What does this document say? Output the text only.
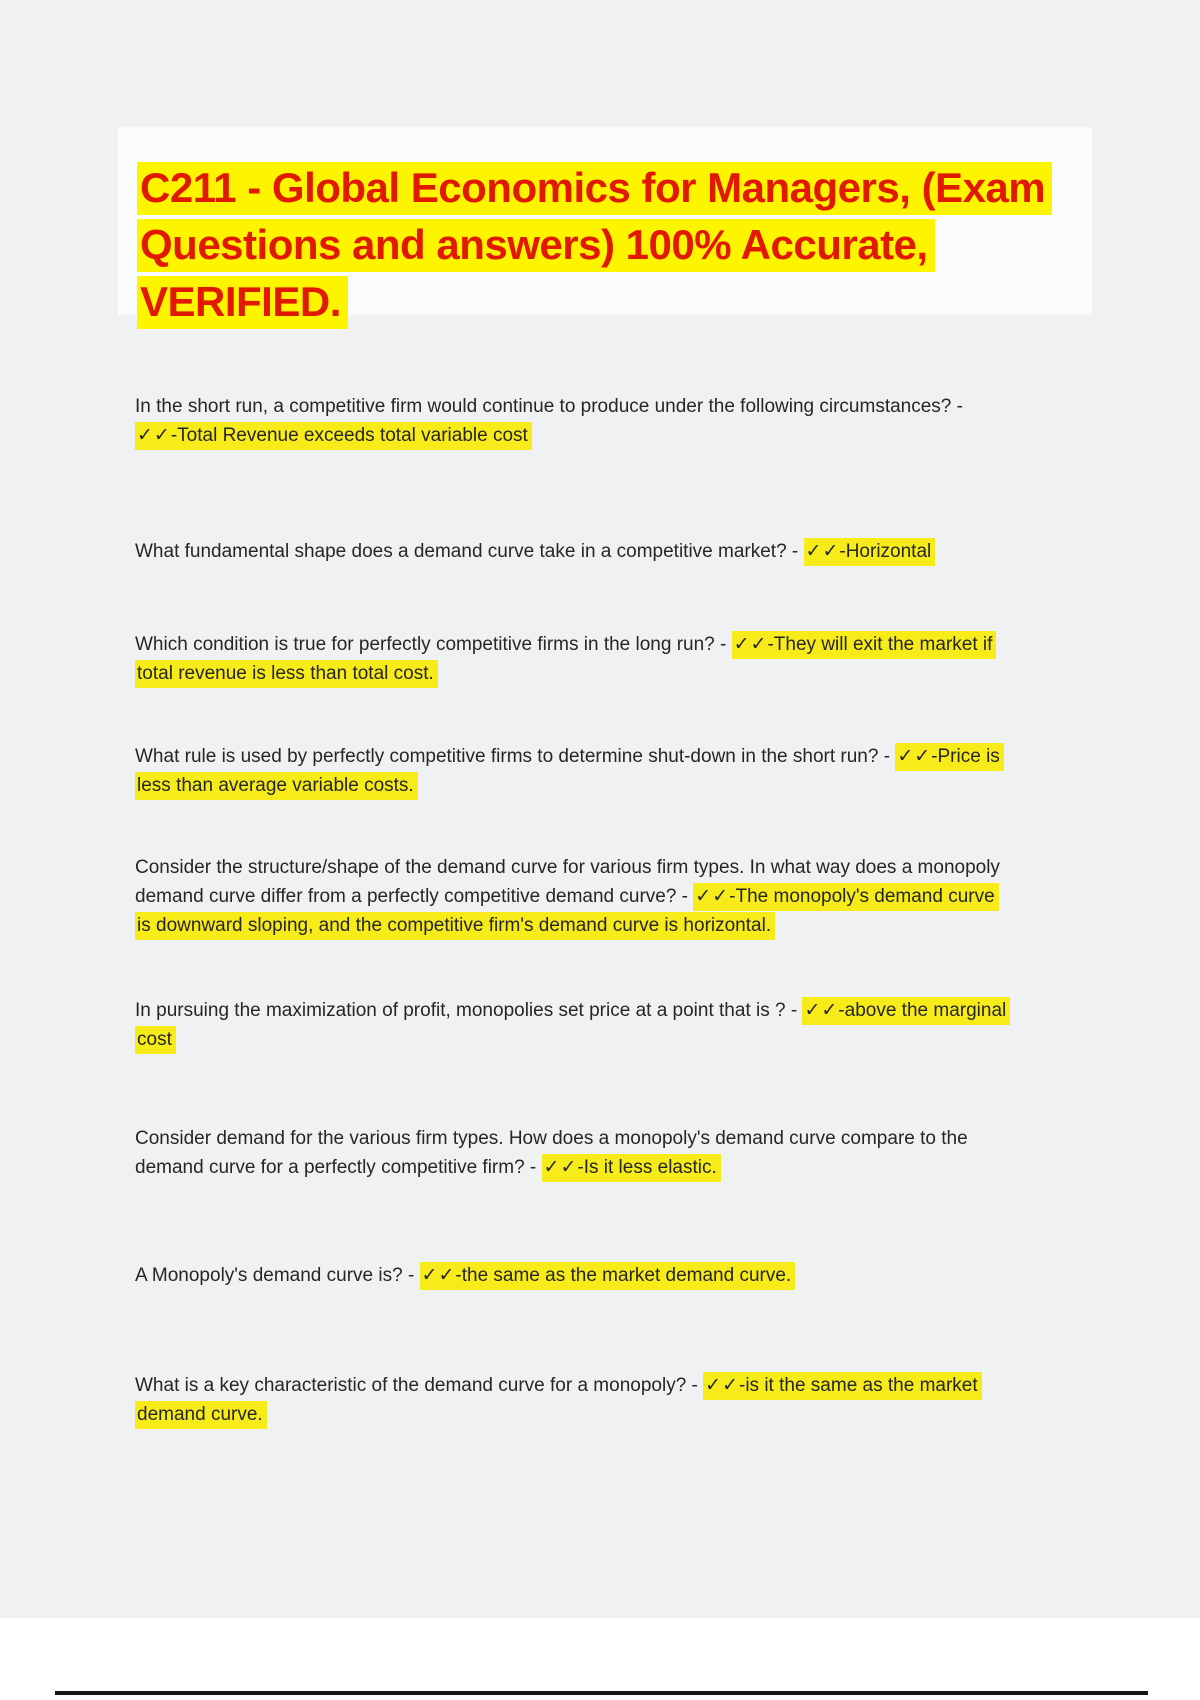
C211 - Global Economics for Managers, (Exam Questions and answers) 100% Accurate, VERIFIED.

In the short run, a competitive firm would continue to produce under the following circumstances? - ✓✓-Total Revenue exceeds total variable cost

What fundamental shape does a demand curve take in a competitive market? - ✓✓-Horizontal

Which condition is true for perfectly competitive firms in the long run? - ✓✓-They will exit the market if total revenue is less than total cost.

What rule is used by perfectly competitive firms to determine shut-down in the short run? - ✓✓-Price is less than average variable costs.

Consider the structure/shape of the demand curve for various firm types. In what way does a monopoly demand curve differ from a perfectly competitive demand curve? - ✓✓-The monopoly's demand curve is downward sloping, and the competitive firm's demand curve is horizontal.

In pursuing the maximization of profit, monopolies set price at a point that is ? - ✓✓-above the marginal cost

Consider demand for the various firm types. How does a monopoly's demand curve compare to the demand curve for a perfectly competitive firm? - ✓✓-Is it less elastic.

A Monopoly's demand curve is? - ✓✓-the same as the market demand curve.

What is a key characteristic of the demand curve for a monopoly? - ✓✓-is it the same as the market demand curve.
